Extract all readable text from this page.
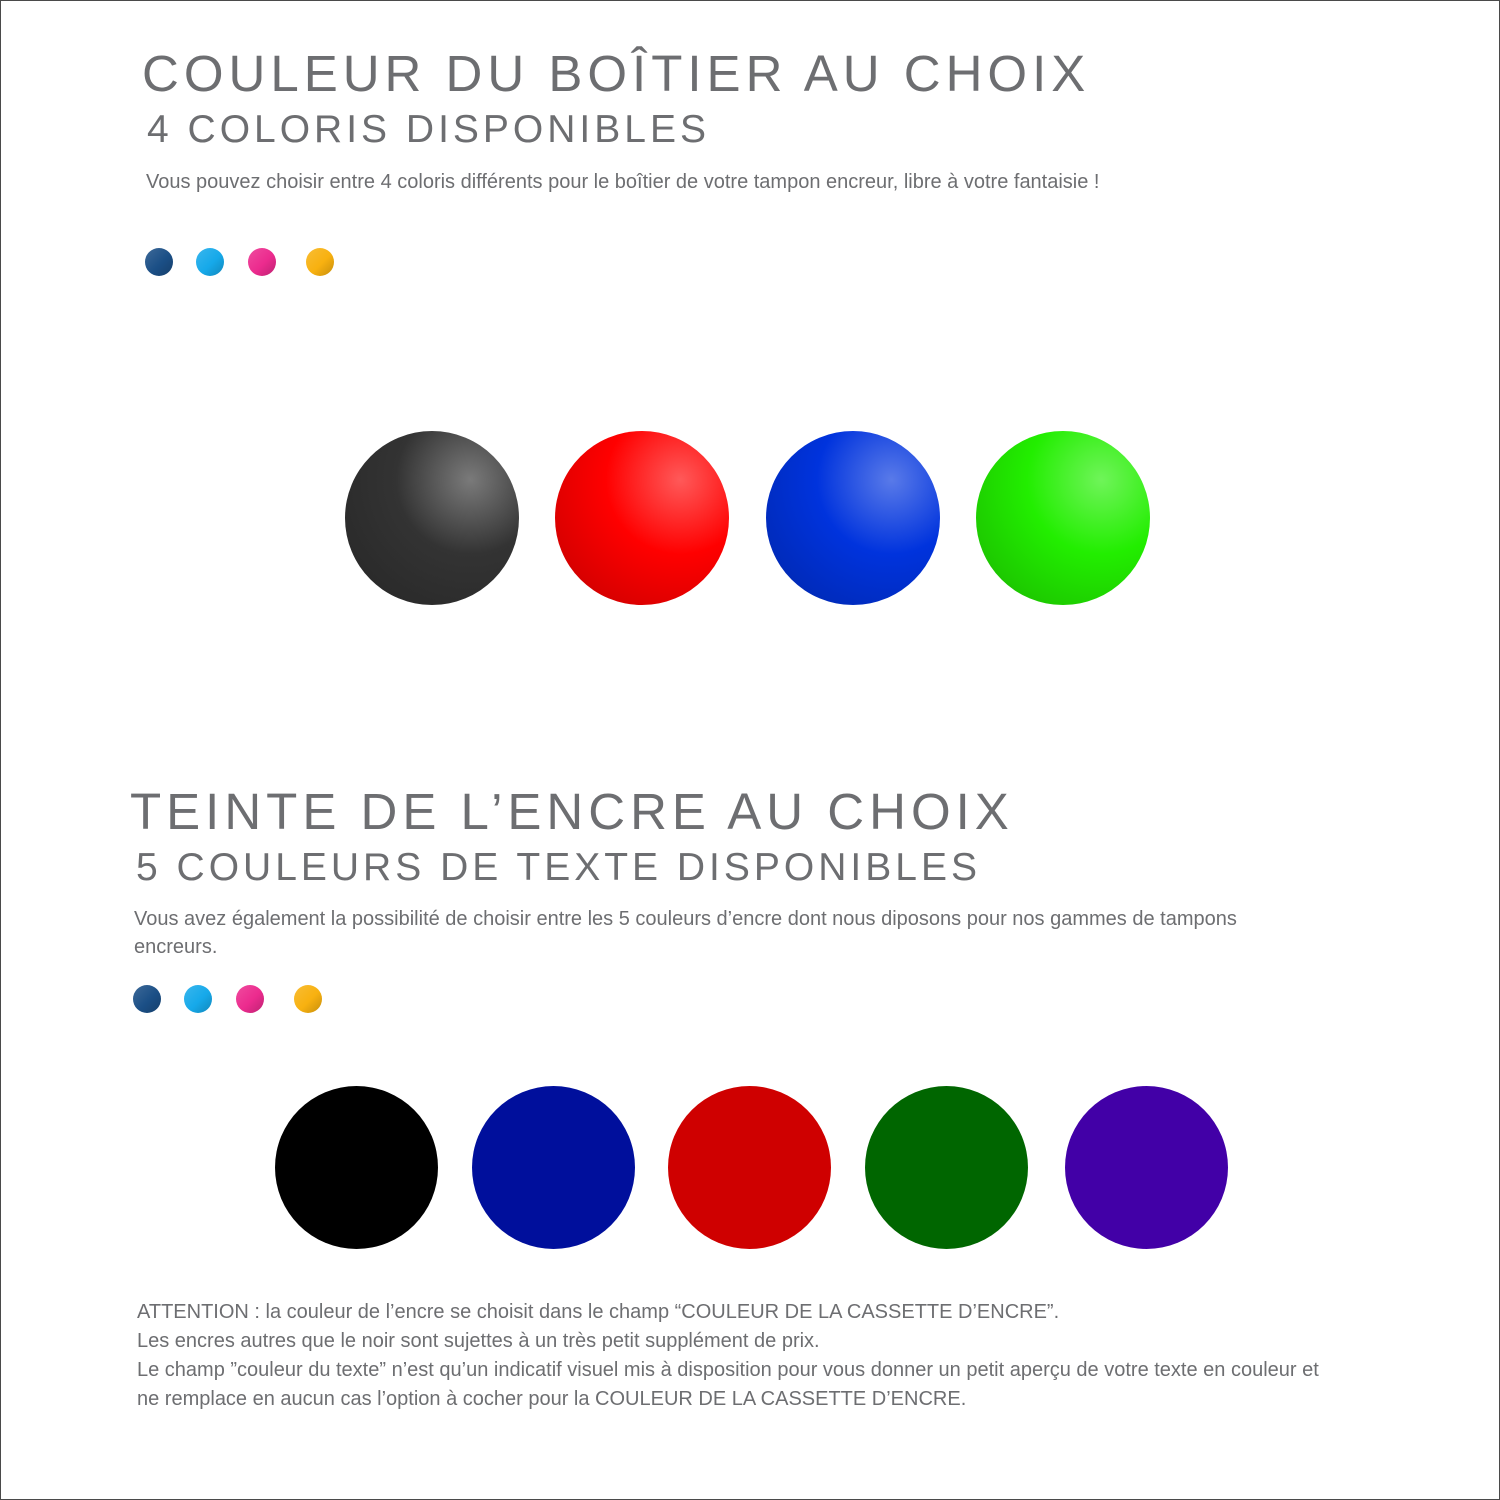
COULEUR DU BOÎTIER AU CHOIX
4 COLORIS DISPONIBLES

Vous pouvez choisir entre 4 coloris différents pour le boîtier de votre tampon encreur, libre à votre fantaisie !

TEINTE DE L’ENCRE AU CHOIX
5 COULEURS DE TEXTE DISPONIBLES

Vous avez également la possibilité de choisir entre les 5 couleurs d’encre dont nous diposons pour nos gammes de tampons encreurs.

ATTENTION : la couleur de l’encre se choisit dans le champ “COULEUR DE LA CASSETTE D’ENCRE”.

Les encres autres que le noir sont sujettes à un très petit supplément de prix.

Le champ ”couleur du texte” n’est qu’un indicatif visuel mis à disposition pour vous donner un petit aperçu de votre texte en couleur et ne remplace en aucun cas l’option à cocher pour la COULEUR DE LA CASSETTE D’ENCRE.
